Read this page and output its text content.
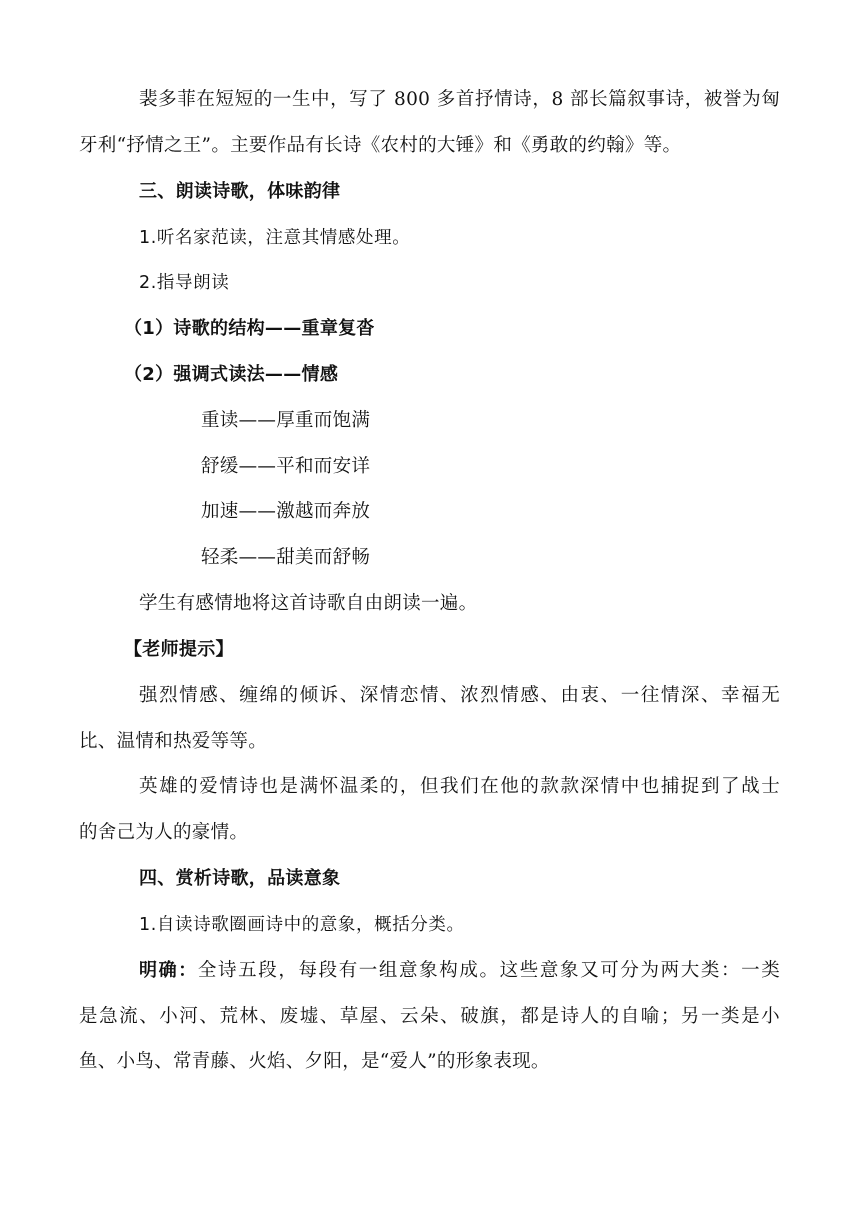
裴多菲在短短的一生中，写了 800 多首抒情诗，8 部长篇叙事诗，被誉为匈
牙利“抒情之王”。主要作品有长诗《农村的大锤》和《勇敢的约翰》等。
三、朗读诗歌，体味韵律
1.听名家范读，注意其情感处理。
2.指导朗读
（1）诗歌的结构——重章复沓
（2）强调式读法——情感
重读——厚重而饱满
舒缓——平和而安详
加速——激越而奔放
轻柔——甜美而舒畅
学生有感情地将这首诗歌自由朗读一遍。
【老师提示】
强烈情感、缠绵的倾诉、深情恋情、浓烈情感、由衷、一往情深、幸福无
比、温情和热爱等等。
英雄的爱情诗也是满怀温柔的，但我们在他的款款深情中也捕捉到了战士
的舍己为人的豪情。
四、赏析诗歌，品读意象
1.自读诗歌圈画诗中的意象，概括分类。
明确：全诗五段，每段有一组意象构成。这些意象又可分为两大类：一类
是急流、小河、荒林、废墟、草屋、云朵、破旗，都是诗人的自喻；另一类是小
鱼、小鸟、常青藤、火焰、夕阳，是“爱人”的形象表现。
